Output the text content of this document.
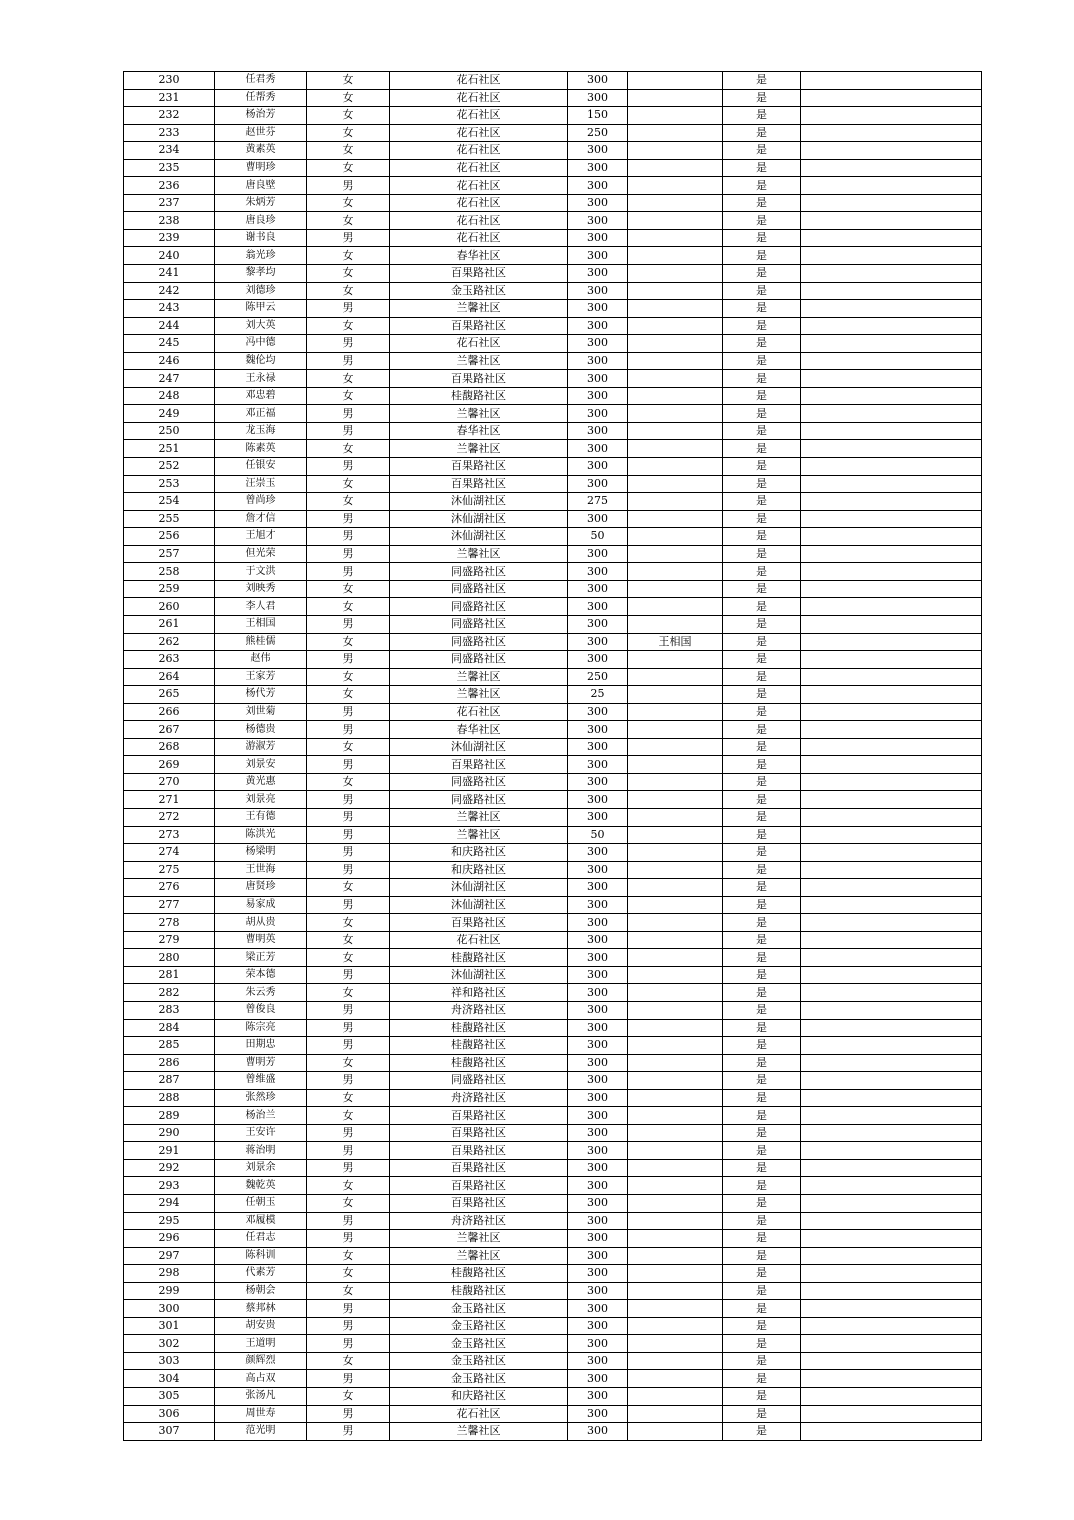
230	任君秀	女	花石社区	300		是	
231	任帮秀	女	花石社区	300		是	
232	杨治芳	女	花石社区	150		是	
233	赵世芬	女	花石社区	250		是	
234	黄素英	女	花石社区	300		是	
235	曹明珍	女	花石社区	300		是	
236	唐良壁	男	花石社区	300		是	
237	朱炳芳	女	花石社区	300		是	
238	唐良珍	女	花石社区	300		是	
239	谢书良	男	花石社区	300		是	
240	翁光珍	女	春华社区	300		是	
241	黎孝均	女	百果路社区	300		是	
242	刘德珍	女	金玉路社区	300		是	
243	陈甲云	男	兰馨社区	300		是	
244	刘大英	女	百果路社区	300		是	
245	冯中德	男	花石社区	300		是	
246	魏伦均	男	兰馨社区	300		是	
247	王永禄	女	百果路社区	300		是	
248	邓忠碧	女	桂馥路社区	300		是	
249	邓正福	男	兰馨社区	300		是	
250	龙玉海	男	春华社区	300		是	
251	陈素英	女	兰馨社区	300		是	
252	任银安	男	百果路社区	300		是	
253	汪崇玉	女	百果路社区	300		是	
254	曾尚珍	女	沐仙湖社区	275		是	
255	詹才信	男	沐仙湖社区	300		是	
256	王旭才	男	沐仙湖社区	50		是	
257	但光荣	男	兰馨社区	300		是	
258	于文洪	男	同盛路社区	300		是	
259	刘映秀	女	同盛路社区	300		是	
260	李人君	女	同盛路社区	300		是	
261	王相国	男	同盛路社区	300		是	
262	熊桂儒	女	同盛路社区	300	王相国	是	
263	赵伟	男	同盛路社区	300		是	
264	王家芳	女	兰馨社区	250		是	
265	杨代芳	女	兰馨社区	25		是	
266	刘世菊	男	花石社区	300		是	
267	杨德贵	男	春华社区	300		是	
268	游淑芳	女	沐仙湖社区	300		是	
269	刘景安	男	百果路社区	300		是	
270	黄光惠	女	同盛路社区	300		是	
271	刘景亮	男	同盛路社区	300		是	
272	王有德	男	兰馨社区	300		是	
273	陈洪光	男	兰馨社区	50		是	
274	杨梁明	男	和庆路社区	300		是	
275	王世海	男	和庆路社区	300		是	
276	唐贤珍	女	沐仙湖社区	300		是	
277	易家成	男	沐仙湖社区	300		是	
278	胡从贵	女	百果路社区	300		是	
279	曹明英	女	花石社区	300		是	
280	梁正芳	女	桂馥路社区	300		是	
281	荣本德	男	沐仙湖社区	300		是	
282	朱云秀	女	祥和路社区	300		是	
283	曾俊良	男	舟济路社区	300		是	
284	陈宗亮	男	桂馥路社区	300		是	
285	田期忠	男	桂馥路社区	300		是	
286	曹明芳	女	桂馥路社区	300		是	
287	曾维盛	男	同盛路社区	300		是	
288	张然珍	女	舟济路社区	300		是	
289	杨治兰	女	百果路社区	300		是	
290	王安许	男	百果路社区	300		是	
291	蒋治明	男	百果路社区	300		是	
292	刘景余	男	百果路社区	300		是	
293	魏乾英	女	百果路社区	300		是	
294	任朝玉	女	百果路社区	300		是	
295	邓履模	男	舟济路社区	300		是	
296	任君志	男	兰馨社区	300		是	
297	陈科训	女	兰馨社区	300		是	
298	代素芳	女	桂馥路社区	300		是	
299	杨朝会	女	桂馥路社区	300		是	
300	蔡邦林	男	金玉路社区	300		是	
301	胡安贵	男	金玉路社区	300		是	
302	王道明	男	金玉路社区	300		是	
303	颜辉烈	女	金玉路社区	300		是	
304	高占双	男	金玉路社区	300		是	
305	张汤凡	女	和庆路社区	300		是	
306	周世寿	男	花石社区	300		是	
307	范光明	男	兰馨社区	300		是	
